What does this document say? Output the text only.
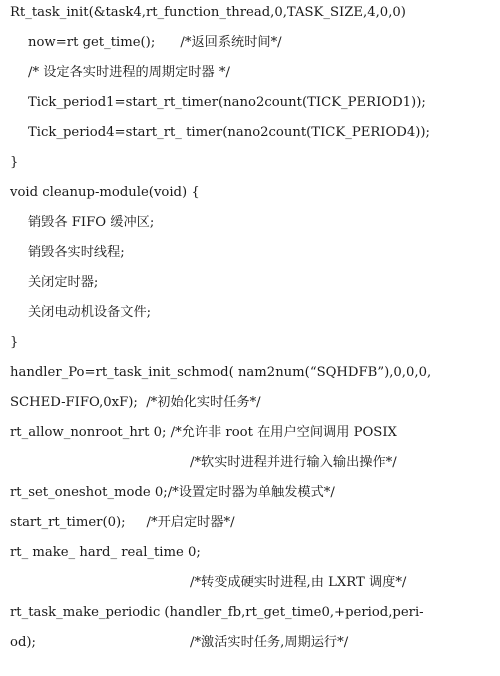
Rt_task_init(&task4,rt_function_thread,0,TASK_SIZE,4,0,0)
now=rt get_time();      /*返回系统时间*/
/* 设定各实时进程的周期定时器 */
Tick_period1=start_rt_timer(nano2count(TICK_PERIOD1));
Tick_period4=start_rt_ timer(nano2count(TICK_PERIOD4));
}
void cleanup-module(void) {
销毁各 FIFO 缓冲区;
销毁各实时线程;
关闭定时器;
关闭电动机设备文件;
}
handler_Po=rt_task_init_schmod( nam2num(“SQHDFB”),0,0,0,
SCHED-FIFO,0xF);  /*初始化实时任务*/
rt_allow_nonroot_hrt 0; /*允许非 root 在用户空间调用 POSIX
/*软实时进程并进行输入输出操作*/
rt_set_oneshot_mode 0;/*设置定时器为单触发模式*/
start_rt_timer(0);     /*开启定时器*/
rt_ make_ hard_ real_time 0;
/*转变成硬实时进程,由 LXRT 调度*/
rt_task_make_periodic (handler_fb,rt_get_time0,+period,peri-
od);	/*激活实时任务,周期运行*/
